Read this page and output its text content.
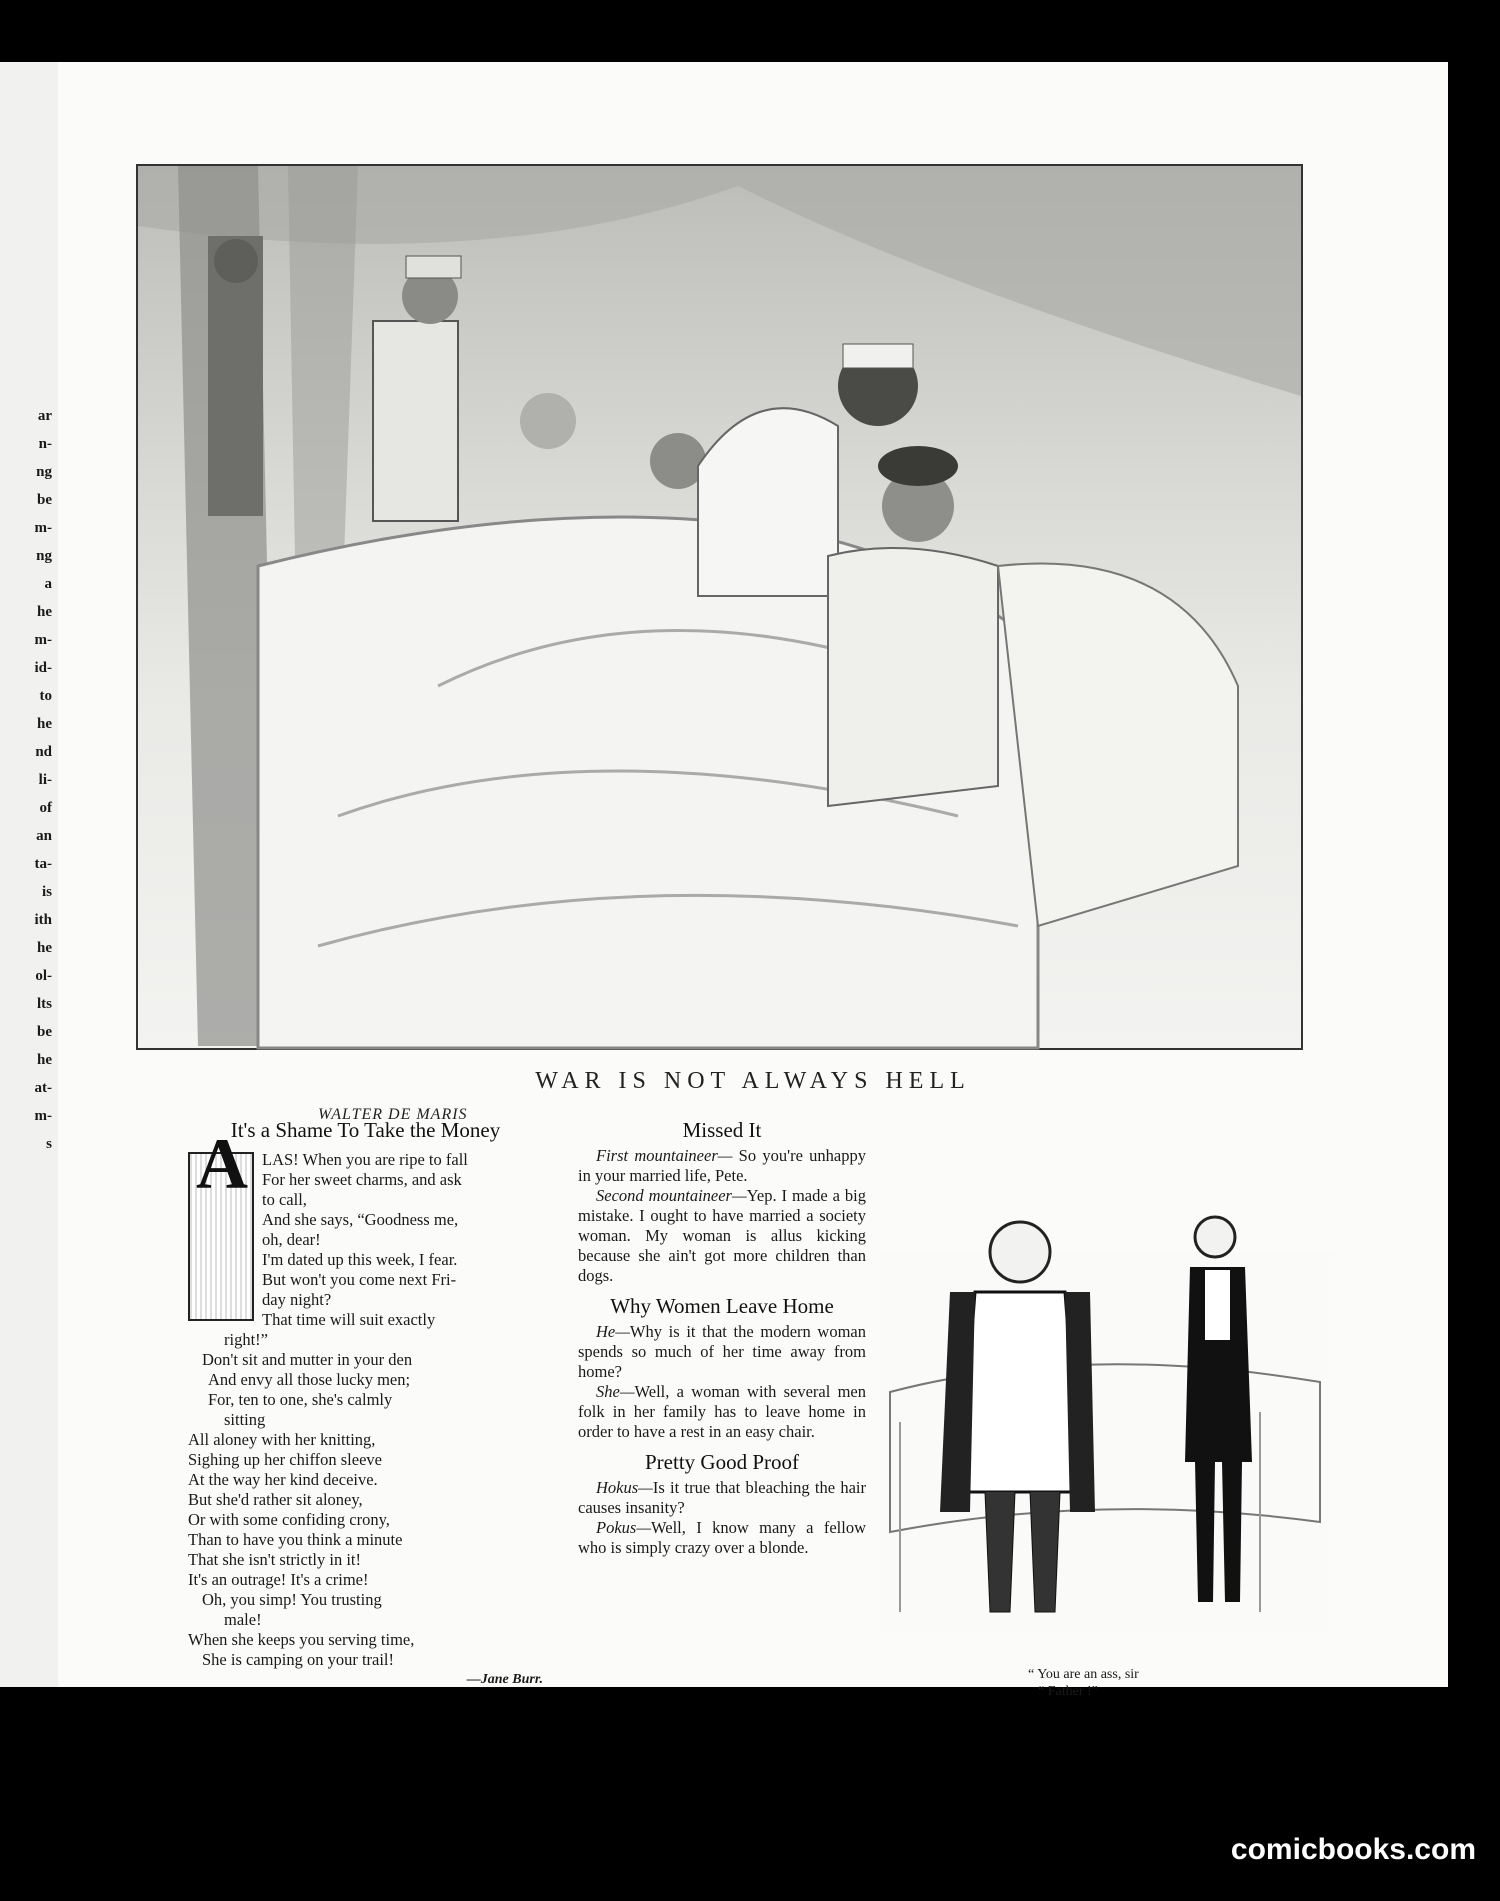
ar
n-
ng
be
m-
ng
a
he
m-
id-
to
he
nd
li-
of
an
ta-
is
ith
he
ol-
lts
be
he
at-
m-
s
WALTER DE MARIS
WAR IS NOT ALWAYS HELL
It's a Shame To Take the Money
A LAS! When you are ripe to fall

For her sweet charms, and ask

to call,

And she says, “Goodness me,

oh, dear!

I'm dated up this week, I fear.

But won't you come next Fri-

day night?

That time will suit exactly

right!”

Don't sit and mutter in your den

And envy all those lucky men;

For, ten to one, she's calmly

sitting

All aloney with her knitting,

Sighing up her chiffon sleeve

At the way her kind deceive.

But she'd rather sit aloney,

Or with some confiding crony,

Than to have you think a minute

That she isn't strictly in it!

It's an outrage! It's a crime!

Oh, you simp! You trusting

male!

When she keeps you serving time,

She is camping on your trail!

—Jane Burr.

Missed It

First mountaineer— So you're unhappy in your married life, Pete.

Second mountaineer—Yep. I made a big mistake. I ought to have married a society woman. My woman is allus kicking because she ain't got more children than dogs.

Why Women Leave Home

He—Why is it that the modern woman spends so much of her time away from home?

She—Well, a woman with several men folk in her family has to leave home in order to have a rest in an easy chair.

Pretty Good Proof

Hokus—Is it true that bleaching the hair causes insanity?

Pokus—Well, I know many a fellow who is simply crazy over a blonde.

“ You are an ass, sir
“ Father !”
comicbooks.com
